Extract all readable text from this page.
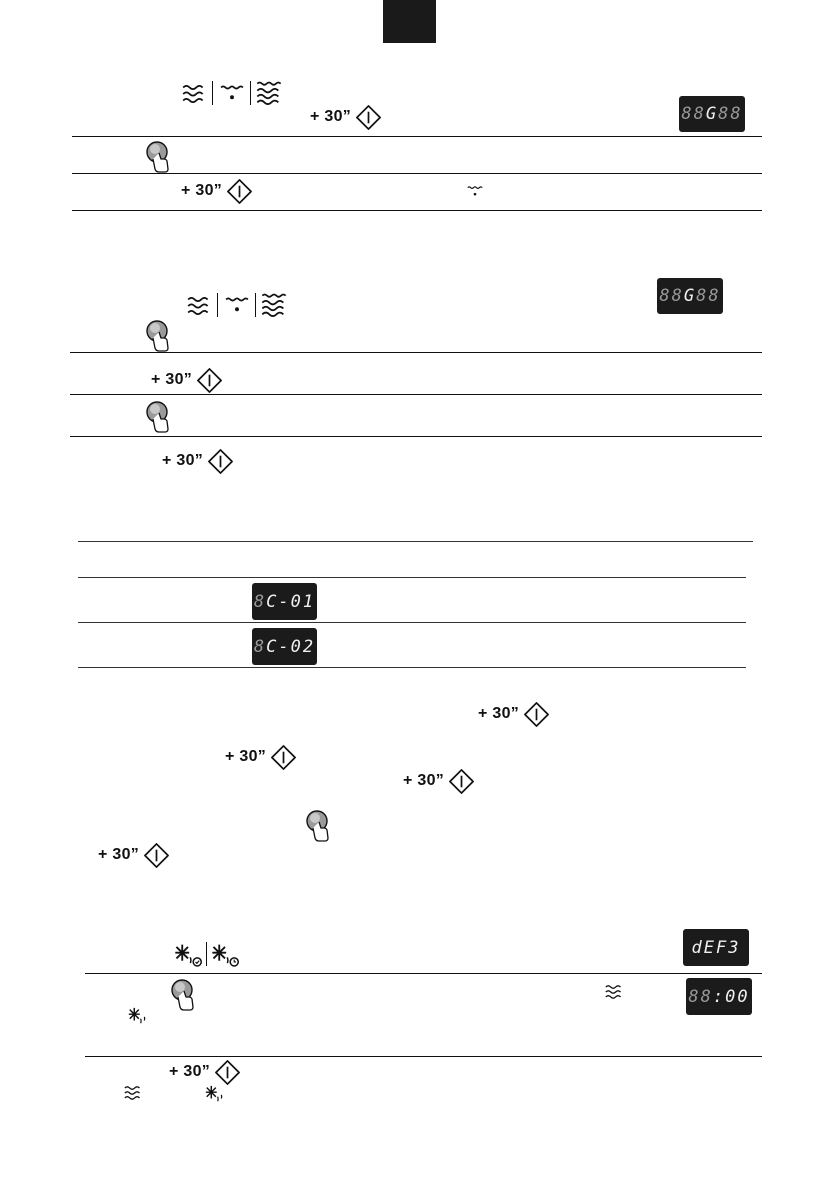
+ 30”	88G88
+ 30”
88G88
+ 30”
+ 30”
8C-01
8C-02
+ 30”
+ 30”
+ 30”
+ 30”
dEF3
88:00
+ 30”
